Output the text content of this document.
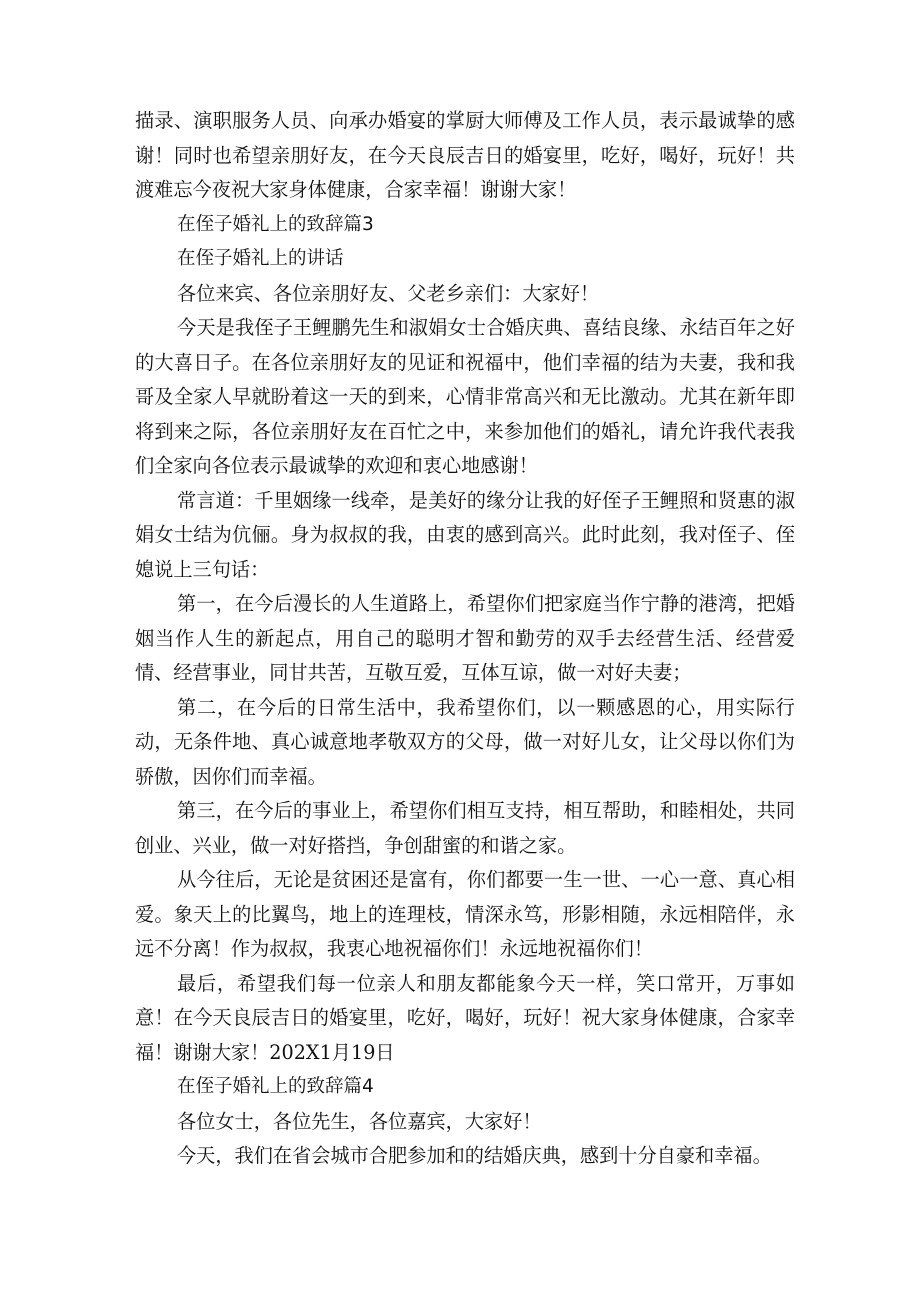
描录、演职服务人员、向承办婚宴的掌厨大师傅及工作人员，表示最诚挚的感谢！同时也希望亲朋好友，在今天良辰吉日的婚宴里，吃好，喝好，玩好！共渡难忘今夜祝大家身体健康，合家幸福！谢谢大家！

在侄子婚礼上的致辞篇3

在侄子婚礼上的讲话

各位来宾、各位亲朋好友、父老乡亲们：大家好！

今天是我侄子王鲤鹏先生和淑娟女士合婚庆典、喜结良缘、永结百年之好的大喜日子。在各位亲朋好友的见证和祝福中，他们幸福的结为夫妻，我和我哥及全家人早就盼着这一天的到来，心情非常高兴和无比激动。尤其在新年即将到来之际，各位亲朋好友在百忙之中，来参加他们的婚礼，请允许我代表我们全家向各位表示最诚挚的欢迎和衷心地感谢！

常言道：千里姻缘一线牵，是美好的缘分让我的好侄子王鲤照和贤惠的淑娟女士结为伉俪。身为叔叔的我，由衷的感到高兴。此时此刻，我对侄子、侄媳说上三句话：

第一，在今后漫长的人生道路上，希望你们把家庭当作宁静的港湾，把婚姻当作人生的新起点，用自己的聪明才智和勤劳的双手去经营生活、经营爱情、经营事业，同甘共苦，互敬互爱，互体互谅，做一对好夫妻；

第二，在今后的日常生活中，我希望你们，以一颗感恩的心，用实际行动，无条件地、真心诚意地孝敬双方的父母，做一对好儿女，让父母以你们为骄傲，因你们而幸福。

第三，在今后的事业上，希望你们相互支持，相互帮助，和睦相处，共同创业、兴业，做一对好搭挡，争创甜蜜的和谐之家。

从今往后，无论是贫困还是富有，你们都要一生一世、一心一意、真心相爱。象天上的比翼鸟，地上的连理枝，情深永笃，形影相随，永远相陪伴，永远不分离！作为叔叔，我衷心地祝福你们！永远地祝福你们！

最后，希望我们每一位亲人和朋友都能象今天一样，笑口常开，万事如意！在今天良辰吉日的婚宴里，吃好，喝好，玩好！祝大家身体健康，合家幸福！谢谢大家！202X1月19日

在侄子婚礼上的致辞篇4

各位女士，各位先生，各位嘉宾，大家好！

今天，我们在省会城市合肥参加和的结婚庆典，感到十分自豪和幸福。
